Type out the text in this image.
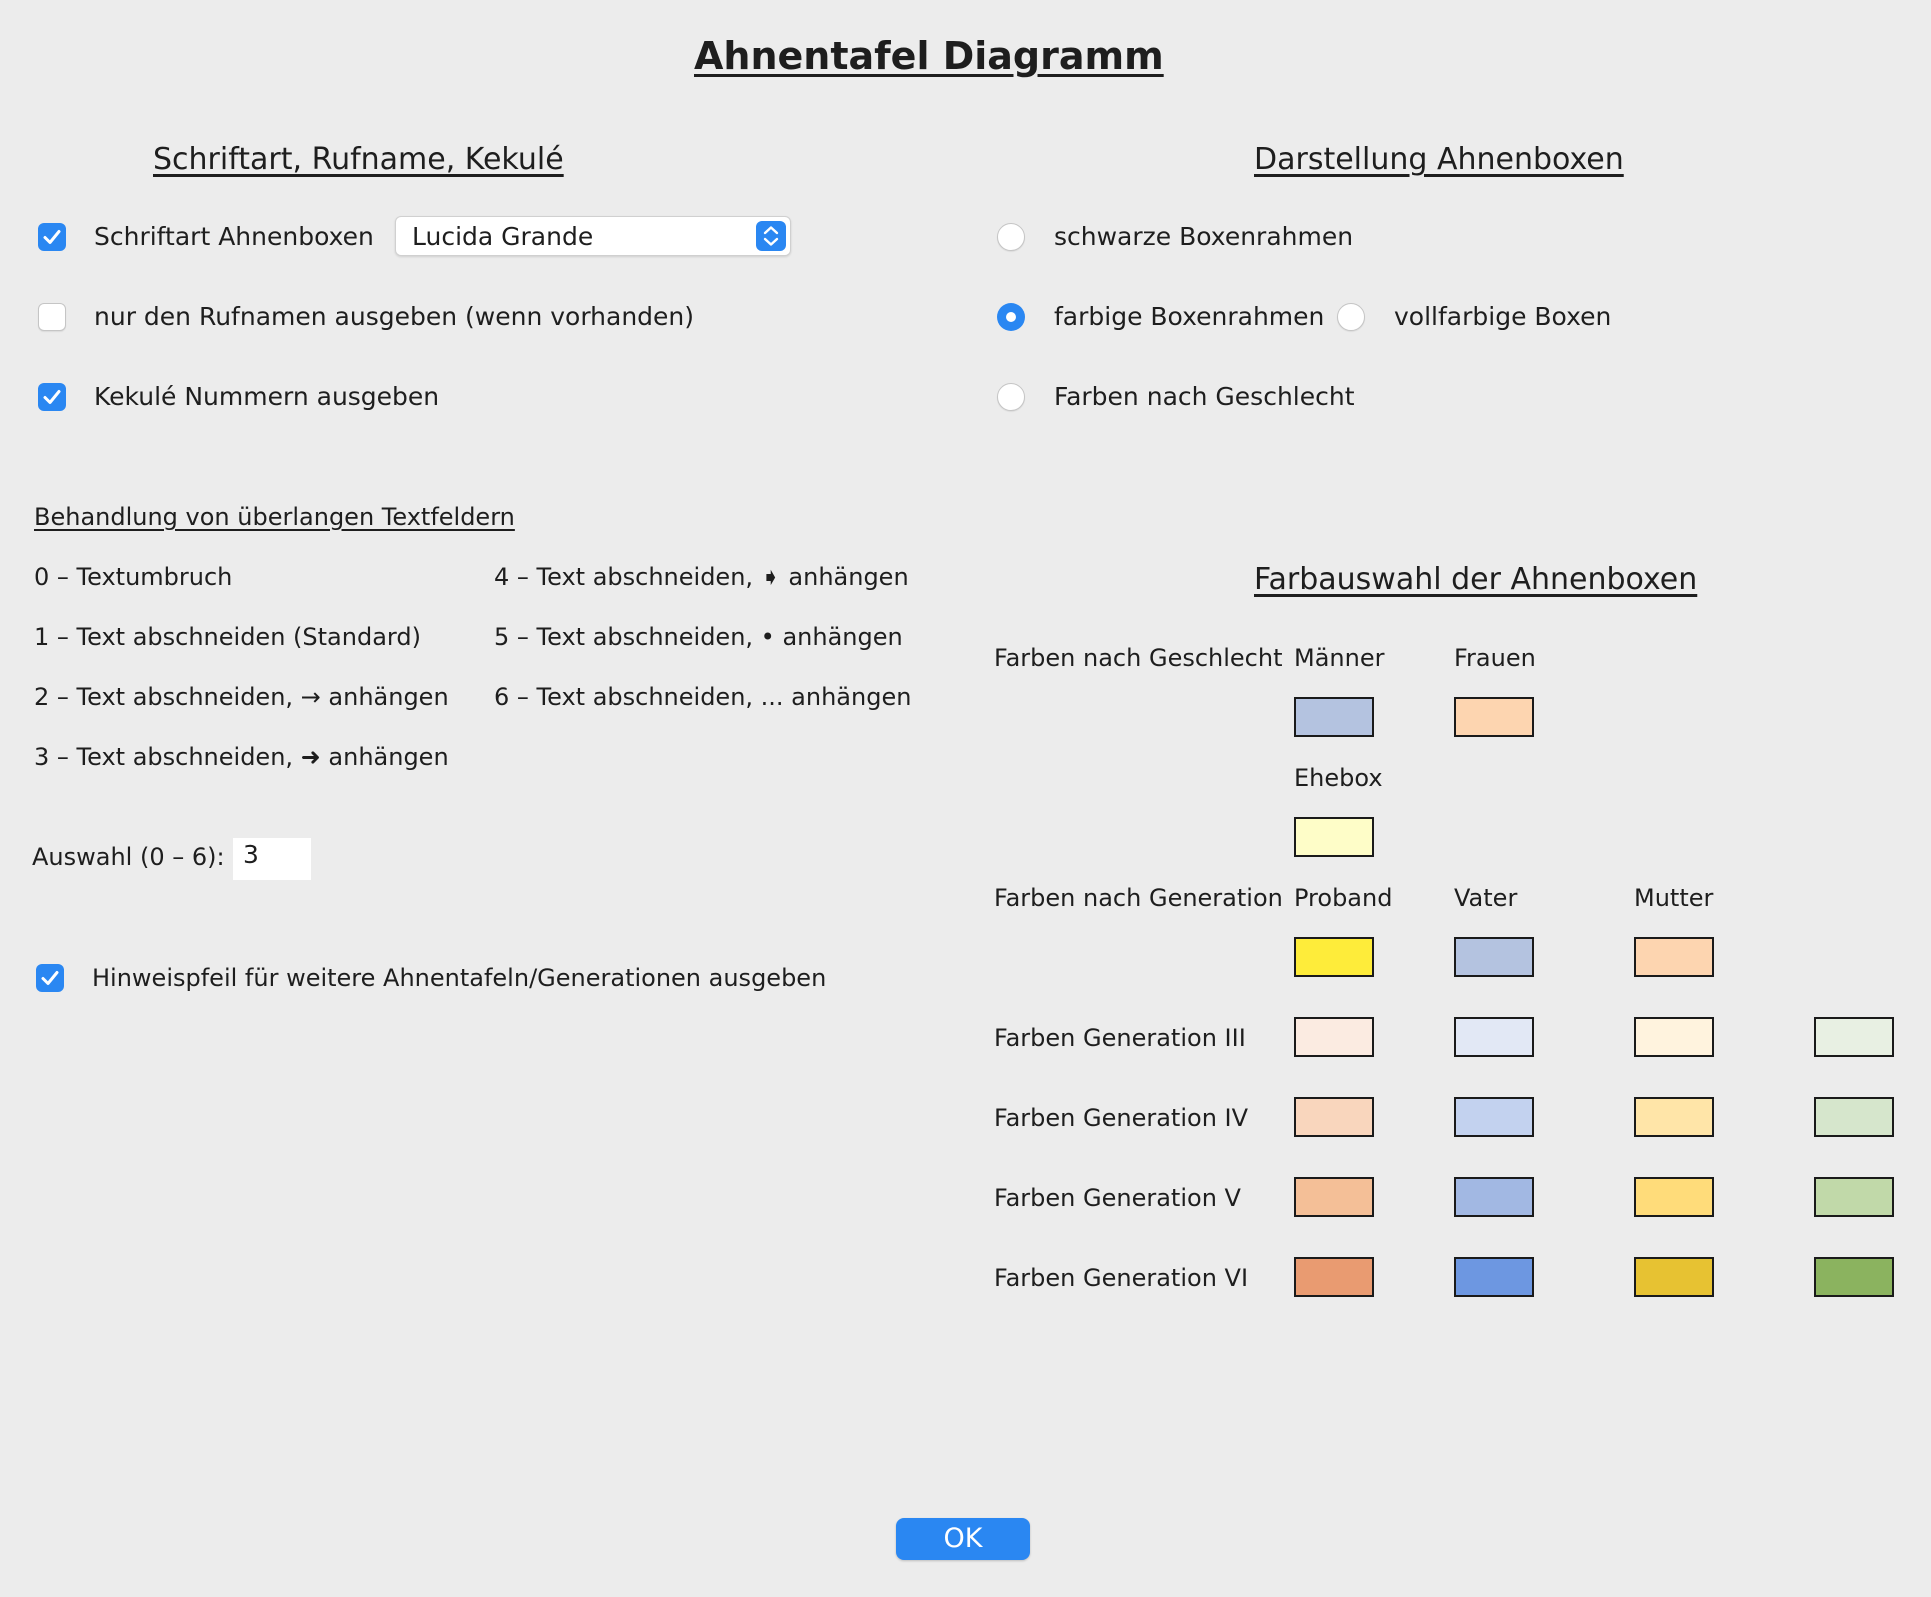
Ahnentafel Diagramm
Schriftart, Rufname, Kekulé
Schriftart Ahnenboxen Lucida Grande
nur den Rufnamen ausgeben (wenn vorhanden)
Kekulé Nummern ausgeben
Behandlung von überlangen Textfeldern
0 – Textumbruch
1 – Text abschneiden (Standard)
2 – Text abschneiden, → anhängen
3 – Text abschneiden, ➜ anhängen
4 – Text abschneiden, ➧ anhängen
5 – Text abschneiden, • anhängen
6 – Text abschneiden, ... anhängen
Auswahl (0 – 6): 3
Hinweispfeil für weitere Ahnentafeln/Generationen ausgeben
Darstellung Ahnenboxen
schwarze Boxenrahmen
farbige Boxenrahmen	vollfarbige Boxen
Farben nach Geschlecht
Farbauswahl der Ahnenboxen
Farben nach Geschlecht Männer	Frauen
Ehebox
Farben nach Generation Proband	Vater	Mutter
Farben Generation III
Farben Generation IV
Farben Generation V
Farben Generation VI
OK
